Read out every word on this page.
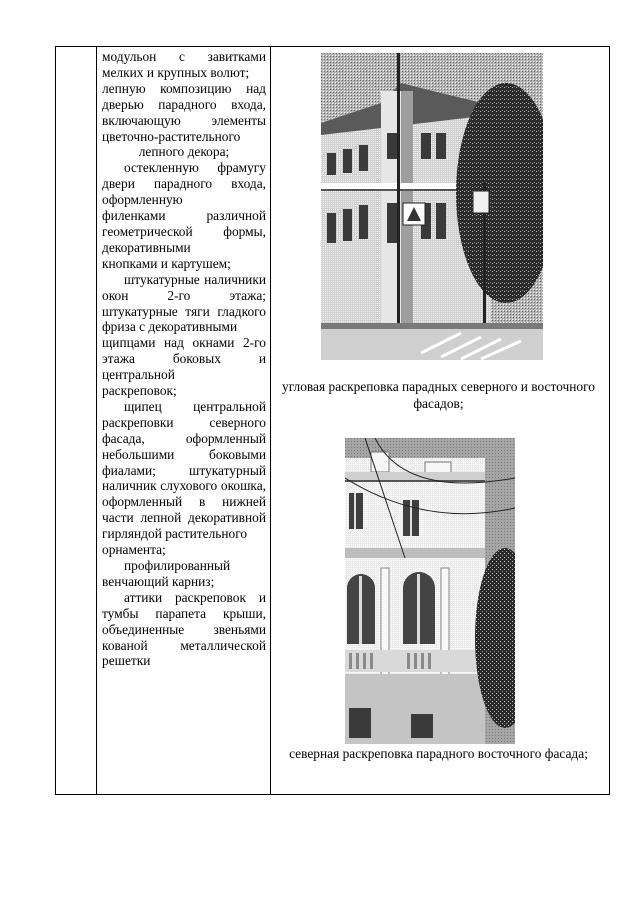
модульон с завитками мелких и крупных волют;

лепную композицию над дверью парадного входа, включающую элементы цветочно-растительного

лепного декора;

остекленную фрамугу двери парадного входа, оформленную

филенками различной геометрической формы, декоративными

кнопками и картушем;

штукатурные наличники окон 2-го этажа; штукатурные тяги гладкого фриза с декоративными

щипцами над окнами 2-го этажа боковых и центральной

раскреповок;

щипец центральной раскреповки северного фасада, оформленный небольшими боковыми фиалами; штукатурный наличник слухового окошка, оформленный в нижней части лепной декоративной гирляндой растительного

орнамента;

профилированный венчающий карниз;

аттики раскреповок и тумбы парапета крыши, объединенные звеньями кованой металлической решетки

угловая раскреповка парадных северного и восточного фасадов;
северная раскреповка парадного восточного фасада;
